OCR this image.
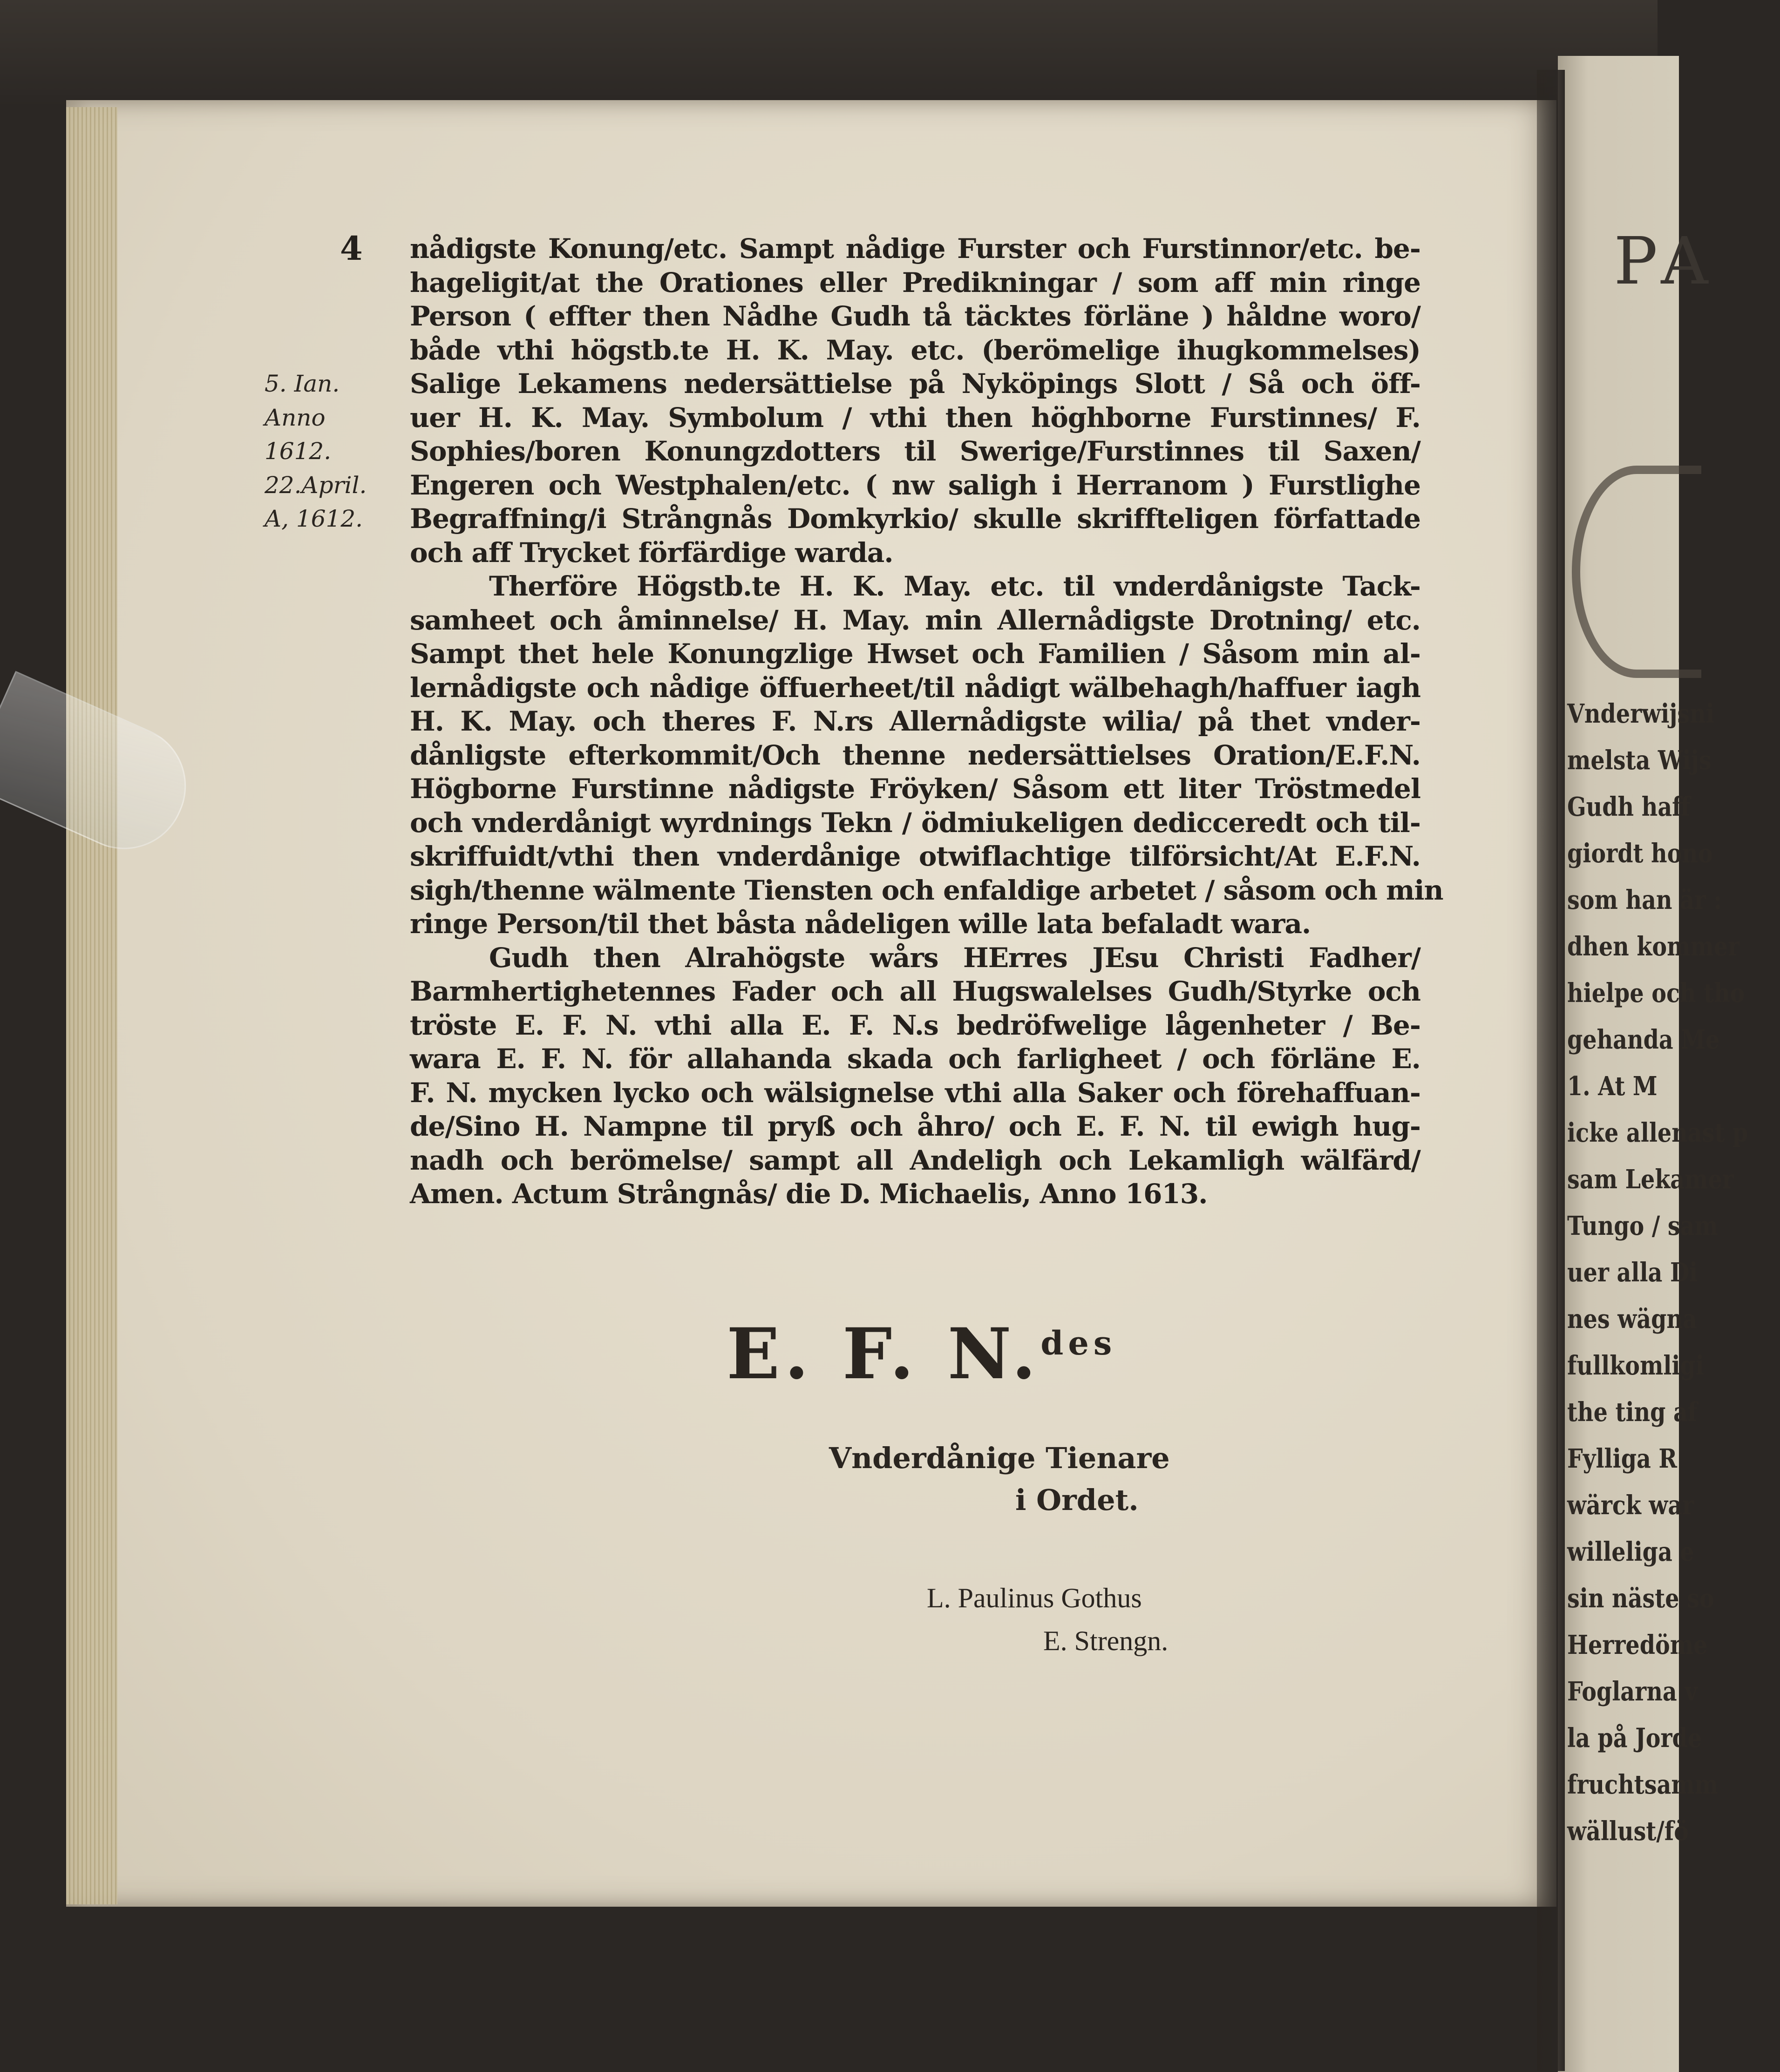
PA
Vnderwijsni
melsta Wijs
Gudh haff
giordt hono
som han är :
dhen kommer
hielpe och tho
gehanda Me
1. At M
icke allenast p
sam Lekamer
Tungo / sam
uer alla Di
nes wägna
fullkomligi
the ting af
Fylliga R
wärck war
willeliga e
sin näste so
Herredöme
Foglarna v
la på Jorde
fruchtsamm
wällust/fö
4
5. Ian.
Anno
1612.
22.April.
A, 1612.
nådigste Konung/etc. Sampt nådige Furster och Furstinnor/etc. be-
hageligit/at the Orationes eller Predikningar / som aff min ringe
Person ( effter then Nådhe Gudh tå täcktes förläne ) håldne woro/
både vthi högstb.te H. K. May. etc. (berömelige ihugkommelses)
Salige Lekamens nedersättielse på Nyköpings Slott / Så och öff-
uer H. K. May. Symbolum / vthi then höghborne Furstinnes/ F.
Sophies/boren Konungzdotters til Swerige/Furstinnes til Saxen/
Engeren och Westphalen/etc. ( nw saligh i Herranom ) Furstlighe
Begraffning/i Strångnås Domkyrkio/ skulle skriffteligen författade
och aff Trycket förfärdige warda.
Therföre Högstb.te H. K. May. etc. til vnderdånigste Tack-
samheet och åminnelse/ H. May. min Allernådigste Drotning/ etc.
Sampt thet hele Konungzlige Hwset och Familien / Såsom min al-
lernådigste och nådige öffuerheet/til nådigt wälbehagh/haffuer iagh
H. K. May. och theres F. N.rs Allernådigste wilia/ på thet vnder-
dånligste efterkommit/Och thenne nedersättielses Oration/E.F.N.
Högborne Furstinne nådigste Fröyken/ Såsom ett liter Tröstmedel
och vnderdånigt wyrdnings Tekn / ödmiukeligen dedicceredt och til-
skriffuidt/vthi then vnderdånige otwiflachtige tilförsicht/At E.F.N.
sigh/thenne wälmente Tiensten och enfaldige arbetet / såsom och min
ringe Person/til thet båsta nådeligen wille lata befaladt wara.
Gudh then Alrahögste wårs HErres JEsu Christi Fadher/
Barmhertighetennes Fader och all Hugswalelses Gudh/Styrke och
tröste E. F. N. vthi alla E. F. N.s bedröfwelige lågenheter / Be-
wara E. F. N. för allahanda skada och farligheet / och förläne E.
F. N. mycken lycko och wälsignelse vthi alla Saker och förehaffuan-
de/Sino H. Nampne til pryß och åhro/ och E. F. N. til ewigh hug-
nadh och berömelse/ sampt all Andeligh och Lekamligh wälfärd/
Amen. Actum Strångnås/ die D. Michaelis, Anno 1613.
E. F. N.$^{des}$
Vnderdånige Tienare
i Ordet.
L. Paulinus Gothus
E. Strengn.
